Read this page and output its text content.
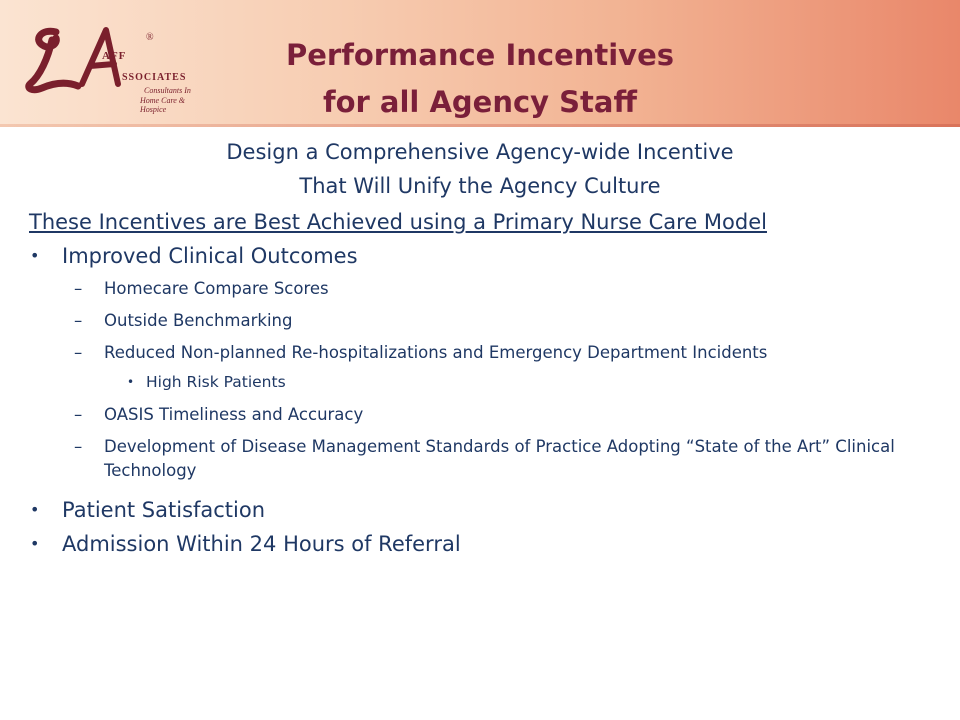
®
AFF
SSOCIATES
Consultants In
Home Care & Hospice
Performance Incentives
for all Agency Staff
Design a Comprehensive Agency-wide Incentive
That Will Unify the Agency Culture
These Incentives are Best Achieved using a Primary Nurse Care Model
• Improved Clinical Outcomes
– Homecare Compare Scores
– Outside Benchmarking
– Reduced Non-planned Re-hospitalizations and Emergency Department Incidents
• High Risk Patients
– OASIS Timeliness and Accuracy
– Development of Disease Management Standards of Practice Adopting “State of the Art” Clinical Technology
• Patient Satisfaction
• Admission Within 24 Hours of Referral
